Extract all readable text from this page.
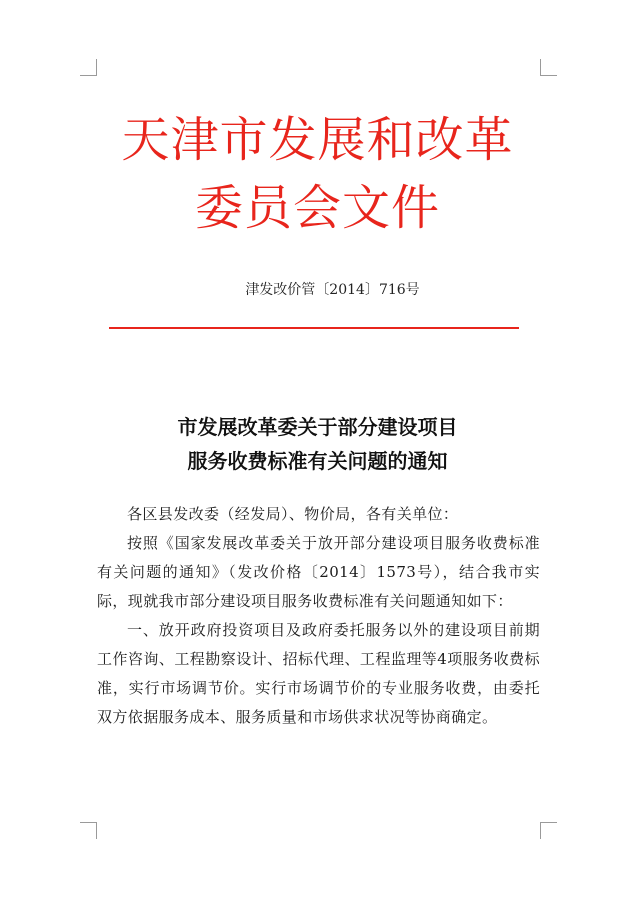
天津市发展和改革
委员会文件
津发改价管〔2014〕716号
市发展改革委关于部分建设项目
服务收费标准有关问题的通知

各区县发改委（经发局）、物价局，各有关单位：

按照《国家发展改革委关于放开部分建设项目服务收费标准有关问题的通知》（发改价格〔2014〕1573号），结合我市实际，现就我市部分建设项目服务收费标准有关问题通知如下：

一、放开政府投资项目及政府委托服务以外的建设项目前期工作咨询、工程勘察设计、招标代理、工程监理等4项服务收费标准，实行市场调节价。实行市场调节价的专业服务收费，由委托双方依据服务成本、服务质量和市场供求状况等协商确定。
